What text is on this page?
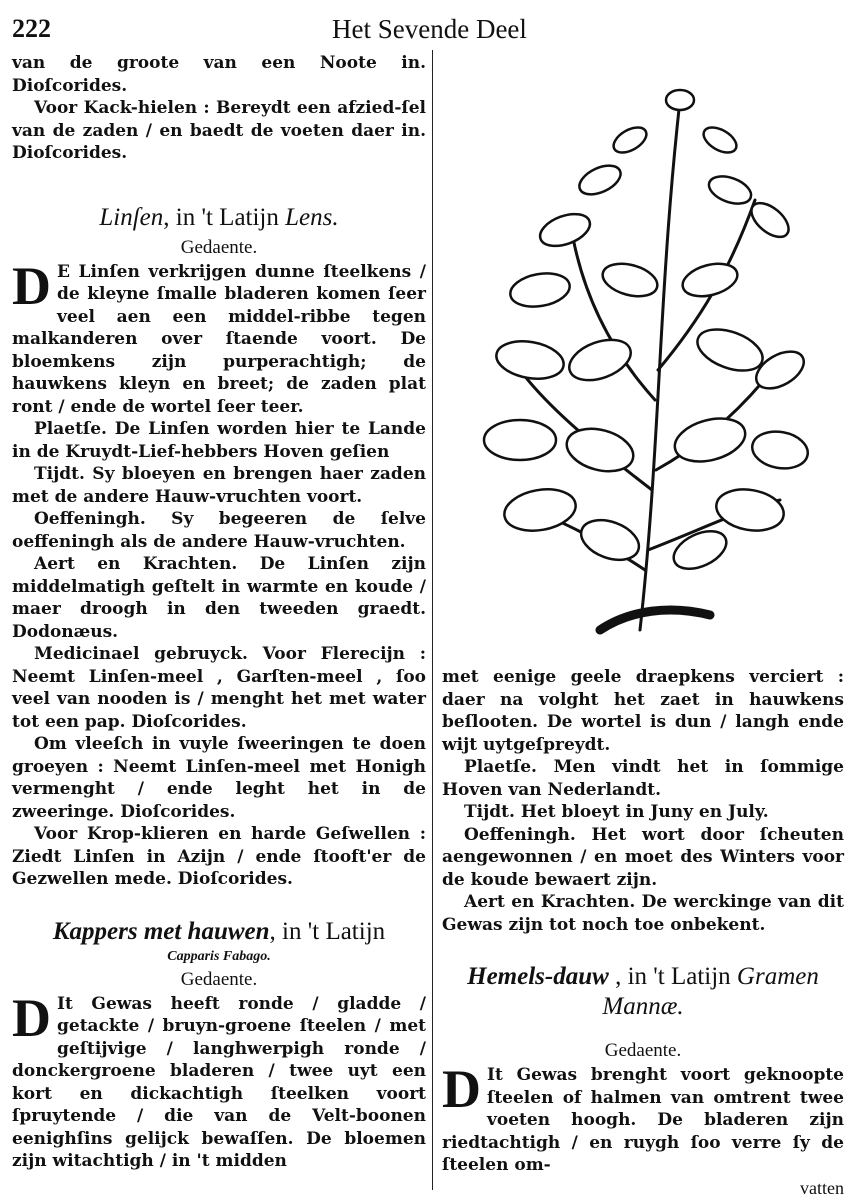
222	Het Sevende Deel

van de groote van een Noote in. Dioſcorides.

Voor Kack-hielen : Bereydt een afzied-ſel van de zaden / en baedt de voeten daer in. Dioſcorides.

Linſen, in 't Latijn Lens.
Gedaente.

D E Linſen verkrijgen dunne ſteelkens / de kleyne ſmalle bladeren komen ſeer veel aen een middel-ribbe tegen malkanderen over ſtaende voort. De bloemkens zijn purperachtigh; de hauwkens kleyn en breet; de zaden plat ront / ende de wortel ſeer teer.

Plaetſe. De Linſen worden hier te Lande in de Kruydt-Lief-hebbers Hoven geſien

Tijdt. Sy bloeyen en brengen haer zaden met de andere Hauw-vruchten voort.

Oeffeningh. Sy begeeren de ſelve oeffeningh als de andere Hauw-vruchten.

Aert en Krachten. De Linſen zijn middelmatigh geſtelt in warmte en koude / maer droogh in den tweeden graedt. Dodonæus.

Medicinael gebruyck. Voor Flerecijn : Neemt Linſen-meel , Garſten-meel , ſoo veel van nooden is / menght het met water tot een pap. Dioſcorides.

Om vleeſch in vuyle ſweeringen te doen groeyen : Neemt Linſen-meel met Honigh vermenght / ende leght het in de zweeringe. Dioſcorides.

Voor Krop-klieren en harde Geſwellen : Ziedt Linſen in Azijn / ende ſtooft'er de Gezwellen mede. Dioſcorides.

Kappers met hauwen, in 't Latijn
Capparis Fabago.
Gedaente.

D It Gewas heeft ronde / gladde / getackte / bruyn-groene ſteelen / met geſtijvige / langhwerpigh ronde / donckergroene bladeren / twee uyt een kort en dickachtigh ſteelken voort ſpruytende / die van de Velt-boonen eenighſins gelijck bewaſſen. De bloemen zijn witachtigh / in 't midden

met eenige geele draepkens verciert : daer na volght het zaet in hauwkens beſlooten. De wortel is dun / langh ende wijt uytgeſpreydt.

Plaetſe. Men vindt het in ſommige Hoven van Nederlandt.

Tijdt. Het bloeyt in Juny en July.

Oeffeningh. Het wort door ſcheuten aengewonnen / en moet des Winters voor de koude bewaert zijn.

Aert en Krachten. De werckinge van dit Gewas zijn tot noch toe onbekent.

Hemels-dauw , in 't Latijn Gramen Mannæ.
Gedaente.

D It Gewas brenght voort geknoopte ſteelen of halmen van omtrent twee voeten hoogh. De bladeren zijn riedtachtigh / en ruygh ſoo verre ſy de ſteelen om-

vatten
